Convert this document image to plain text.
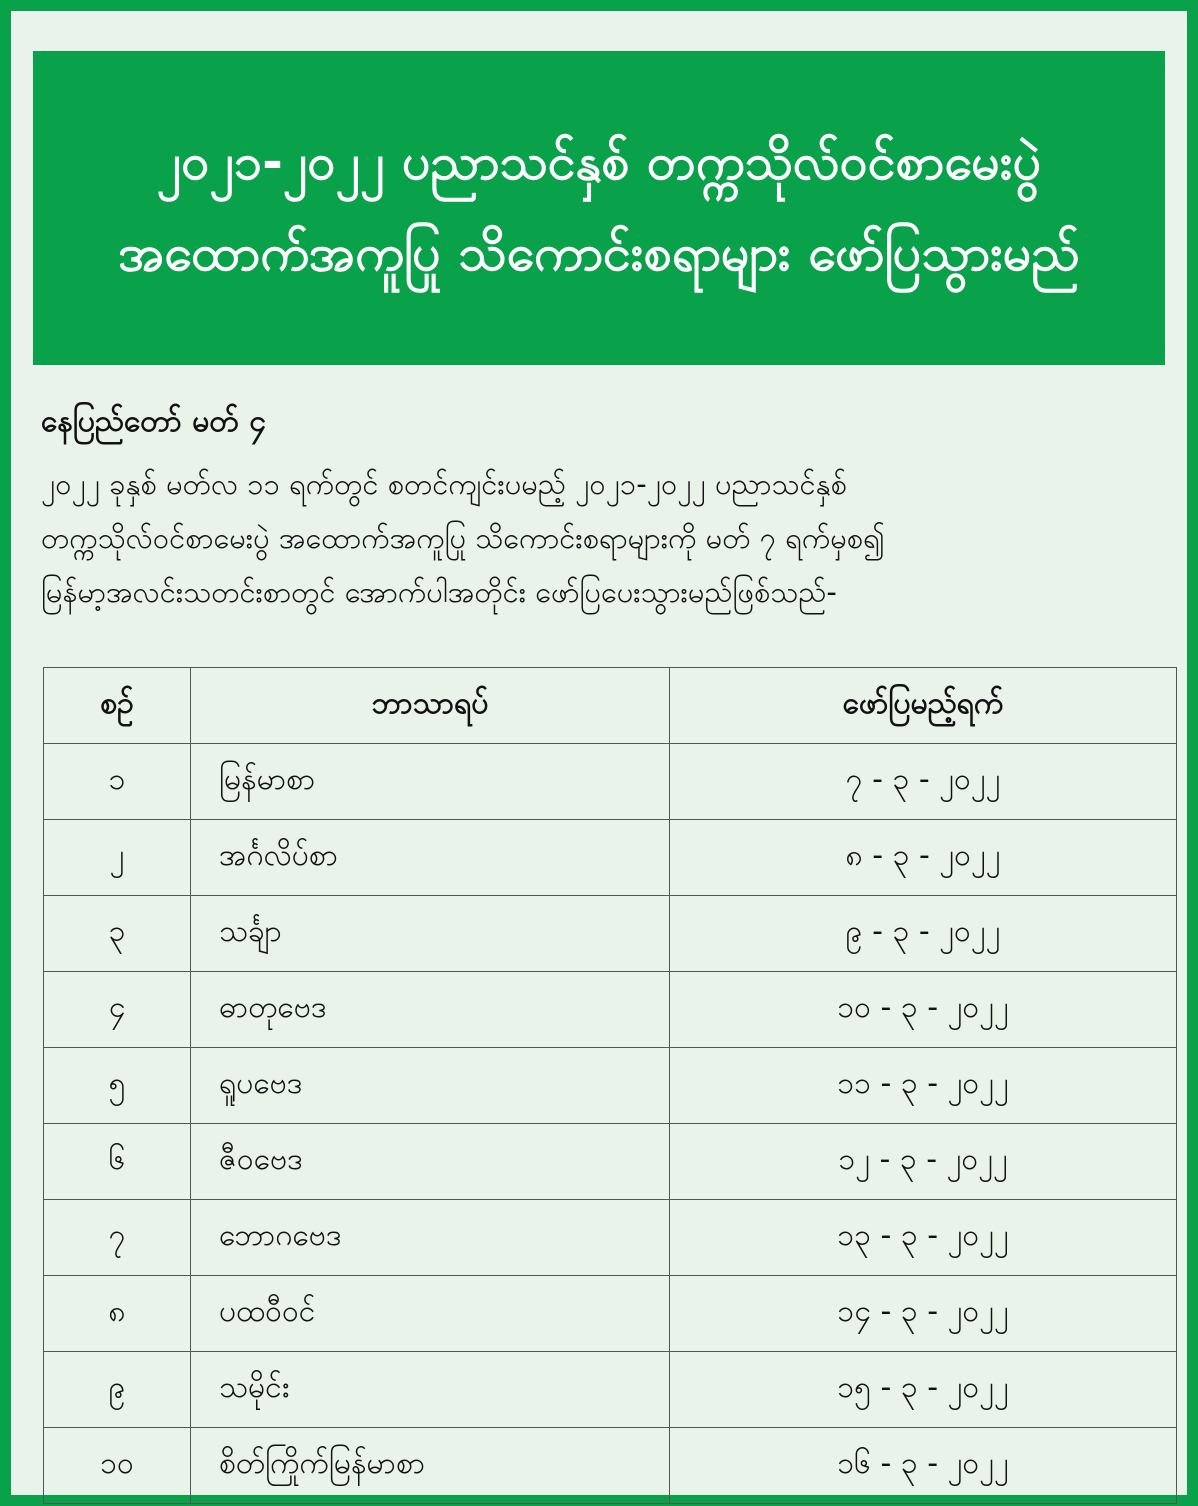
၂၀၂၁-၂၀၂၂ ပညာသင်နှစ် တက္ကသိုလ်ဝင်စာမေးပွဲ
အထောက်အကူပြု သိကောင်းစရာများ ဖော်ပြသွားမည်
နေပြည်တော် မတ် ၄
၂၀၂၂ ခုနှစ် မတ်လ ၁၁ ရက်တွင် စတင်ကျင်းပမည့် ၂၀၂၁-၂၀၂၂ ပညာသင်နှစ်
တက္ကသိုလ်ဝင်စာမေးပွဲ အထောက်အကူပြု သိကောင်းစရာများကို မတ် ၇ ရက်မှစ၍
မြန်မာ့အလင်းသတင်းစာတွင် အောက်ပါအတိုင်း ဖော်ပြပေးသွားမည်ဖြစ်သည်-
စဉ်	ဘာသာရပ်	ဖော်ပြမည့်ရက်
၁	မြန်မာစာ	၇ - ၃ - ၂၀၂၂
၂	အင်္ဂလိပ်စာ	၈ - ၃ - ၂၀၂၂
၃	သင်္ချာ	၉ - ၃ - ၂၀၂၂
၄	ဓာတုဗေဒ	၁၀ - ၃ - ၂၀၂၂
၅	ရူပဗေဒ	၁၁ - ၃ - ၂၀၂၂
၆	ဇီဝဗေဒ	၁၂ - ၃ - ၂၀၂၂
၇	ဘောဂဗေဒ	၁၃ - ၃ - ၂၀၂၂
၈	ပထဝီဝင်	၁၄ - ၃ - ၂၀၂၂
၉	သမိုင်း	၁၅ - ၃ - ၂၀၂၂
၁၀	စိတ်ကြိုက်မြန်မာစာ	၁၆ - ၃ - ၂၀၂၂
